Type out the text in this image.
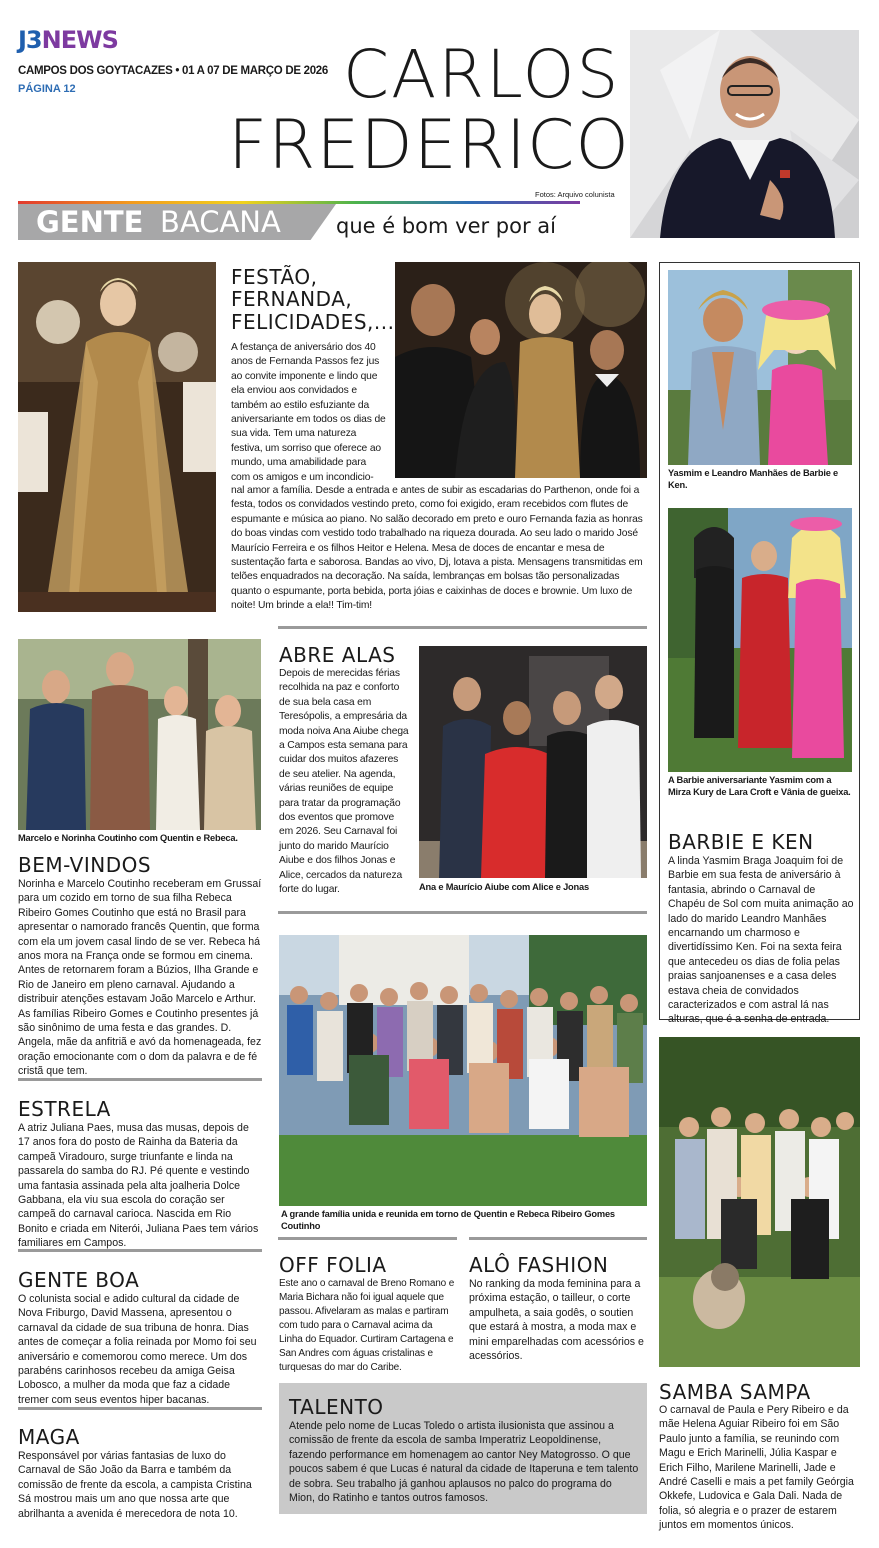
J3NEWS
CAMPOS DOS GOYTACAZES • 01 A 07 DE MARÇO DE 2026
PÁGINA 12	CARLOS
FREDERICO
Fotos: Arquivo colunista
GENTE BACANA	que é bom ver por aí
FESTÃO,
FERNANDA,
FELICIDADES,...
A festança de aniversário dos 40 anos de Fernanda Passos fez jus ao convite imponente e lindo que ela enviou aos convidados e também ao estilo esfuziante da aniversariante em todos os dias de sua vida. Tem uma natureza festiva, um sorriso que oferece ao mundo, uma amabilidade para com os amigos e um incondicio-
nal amor a família. Desde a entrada e antes de subir as escadarias do Parthenon, onde foi a festa, todos os convidados vestindo preto, como foi exigido, eram recebidos com flutes de espumante e música ao piano. No salão decorado em preto e ouro Fernanda fazia as honras do boas vindas com vestido todo trabalhado na riqueza dourada. Ao seu lado o marido José Maurício Ferreira e os filhos Heitor e Helena. Mesa de doces de encantar e mesa de sustentação farta e saborosa. Bandas ao vivo, Dj, lotava a pista. Mensagens transmitidas em telões enquadrados na decoração. Na saída, lembranças em bolsas tão personalizadas quanto o espumante, porta bebida, porta jóias e caixinhas de doces e brownie. Um luxo de noite! Um brinde a ela!! Tim-tim!
ABRE ALAS
Depois de merecidas férias recolhida na paz e conforto de sua bela casa em Teresópolis, a empresária da moda noiva Ana Aiube chega a Campos esta semana para cuidar dos muitos afazeres de seu atelier. Na agenda, várias reuniões de equipe para tratar da programação dos eventos que promove em 2026. Seu Carnaval foi junto do marido Maurício Aiube e dos filhos Jonas e Alice, cercados da natureza forte do lugar.	Ana e Maurício Aiube com Alice e Jonas
Marcelo e Norinha Coutinho com Quentin e Rebeca.
BEM-VINDOS
Norinha e Marcelo Coutinho receberam em Grussaí para um cozido em torno de sua filha Rebeca Ribeiro Gomes Coutinho que está no Brasil para apresentar o namorado francês Quentin, que forma com ela um jovem casal lindo de se ver. Rebeca há anos mora na França onde se formou em cinema. Antes de retornarem foram a Búzios, Ilha Grande e Rio de Janeiro em pleno carnaval. Ajudando a distribuir atenções estavam João Marcelo e Arthur. As famílias Ribeiro Gomes e Coutinho presentes já são sinônimo de uma festa e das grandes. D. Angela, mãe da anfitriã e avó da homenageada, fez oração emocionante com o dom da palavra e de fé cristã que tem.
ESTRELA
A atriz Juliana Paes, musa das musas, depois de 17 anos fora do posto de Rainha da Bateria da campeã Viradouro, surge triunfante e linda na passarela do samba do RJ. Pé quente e vestindo uma fantasia assinada pela alta joalheria Dolce Gabbana, ela viu sua escola do coração ser campeã do carnaval carioca. Nascida em Rio Bonito e criada em Niterói, Juliana Paes tem vários familiares em Campos.
GENTE BOA
O colunista social e adido cultural da cidade de Nova Friburgo, David Massena, apresentou o carnaval da cidade de sua tribuna de honra. Dias antes de começar a folia reinada por Momo foi seu aniversário e comemorou como merece. Um dos parabéns carinhosos recebeu da amiga Geisa Lobosco, a mulher da moda que faz a cidade tremer com seus eventos hiper bacanas.
MAGA
Responsável por várias fantasias de luxo do Carnaval de São João da Barra e também da comissão de frente da escola, a campista Cristina Sá mostrou mais um ano que nossa arte que abrilhanta a avenida é merecedora de nota 10.
A grande família unida e reunida em torno de Quentin e Rebeca Ribeiro Gomes Coutinho
OFF FOLIA
Este ano o carnaval de Breno Romano e Maria Bichara não foi igual aquele que passou. Afivelaram as malas e partiram com tudo para o Carnaval acima da Linha do Equador. Curtiram Cartagena e San Andres com águas cristalinas e turquesas do mar do Caribe.
ALÔ FASHION
No ranking da moda feminina para a próxima estação, o tailleur, o corte ampulheta, a saia godês, o soutien que estará à mostra, a moda max e mini emparelhadas com acessórios e acessórios.
TALENTO
Atende pelo nome de Lucas Toledo o artista ilusionista que assinou a comissão de frente da escola de samba Imperatriz Leopoldinense, fazendo performance em homenagem ao cantor Ney Matogrosso. O que poucos sabem é que Lucas é natural da cidade de Itaperuna e tem talento de sobra. Seu trabalho já ganhou aplausos no palco do programa do Mion, do Ratinho e tantos outros famosos.
Yasmim e Leandro Manhães de Barbie e Ken.
A Barbie aniversariante Yasmim com a Mirza Kury de Lara Croft e Vânia de gueixa.
BARBIE E KEN
A linda Yasmim Braga Joaquim foi de Barbie em sua festa de aniversário à fantasia, abrindo o Carnaval de Chapéu de Sol com muita animação ao lado do marido Leandro Manhães encarnando um charmoso e divertidíssimo Ken. Foi na sexta feira que antecedeu os dias de folia pelas praias sanjoanenses e a casa deles estava cheia de convidados caracterizados e com astral lá nas alturas, que é a senha de entrada.
SAMBA SAMPA
O carnaval de Paula e Pery Ribeiro e da mãe Helena Aguiar Ribeiro foi em São Paulo junto a família, se reunindo com Magu e Erich Marinelli, Júlia Kaspar e Erich Filho, Marilene Marinelli, Jade e André Caselli e mais a pet family Geórgia Okkefe, Ludovica e Gala Dali. Nada de folia, só alegria e o prazer de estarem juntos em momentos únicos.
